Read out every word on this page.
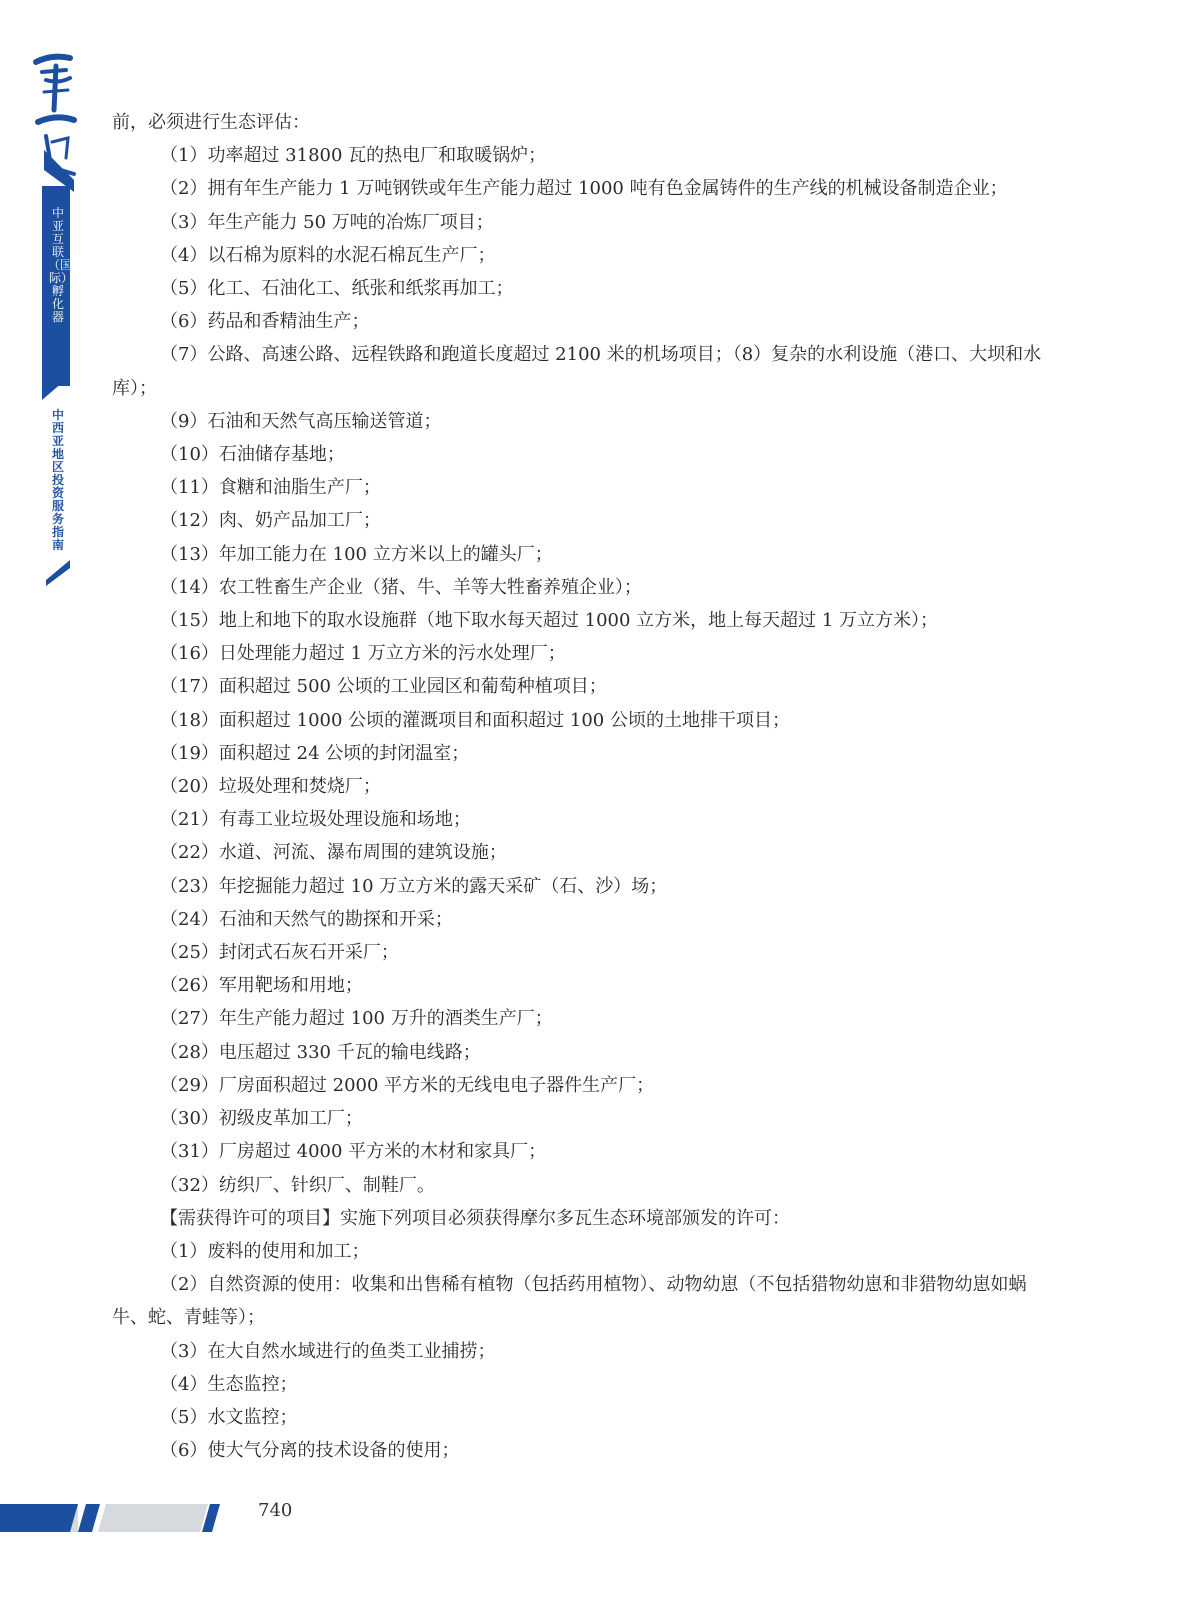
中亚互联（国际）孵化器
中西亚地区投资服务指南

前，必须进行生态评估：

（1）功率超过 31800 瓦的热电厂和取暖锅炉；

（2）拥有年生产能力 1 万吨钢铁或年生产能力超过 1000 吨有色金属铸件的生产线的机械设备制造企业；

（3）年生产能力 50 万吨的冶炼厂项目；

（4）以石棉为原料的水泥石棉瓦生产厂；

（5）化工、石油化工、纸张和纸浆再加工；

（6）药品和香精油生产；

（7）公路、高速公路、远程铁路和跑道长度超过 2100 米的机场项目；（8）复杂的水利设施（港口、大坝和水库）；

（9）石油和天然气高压输送管道；

（10）石油储存基地；

（11）食糖和油脂生产厂；

（12）肉、奶产品加工厂；

（13）年加工能力在 100 立方米以上的罐头厂；

（14）农工牲畜生产企业（猪、牛、羊等大牲畜养殖企业）；

（15）地上和地下的取水设施群（地下取水每天超过 1000 立方米，地上每天超过 1 万立方米）；

（16）日处理能力超过 1 万立方米的污水处理厂；

（17）面积超过 500 公顷的工业园区和葡萄种植项目；

（18）面积超过 1000 公顷的灌溉项目和面积超过 100 公顷的土地排干项目；

（19）面积超过 24 公顷的封闭温室；

（20）垃圾处理和焚烧厂；

（21）有毒工业垃圾处理设施和场地；

（22）水道、河流、瀑布周围的建筑设施；

（23）年挖掘能力超过 10 万立方米的露天采矿（石、沙）场；

（24）石油和天然气的勘探和开采；

（25）封闭式石灰石开采厂；

（26）军用靶场和用地；

（27）年生产能力超过 100 万升的酒类生产厂；

（28）电压超过 330 千瓦的输电线路；

（29）厂房面积超过 2000 平方米的无线电电子器件生产厂；

（30）初级皮革加工厂；

（31）厂房超过 4000 平方米的木材和家具厂；

（32）纺织厂、针织厂、制鞋厂。

【需获得许可的项目】实施下列项目必须获得摩尔多瓦生态环境部颁发的许可：

（1）废料的使用和加工；

（2）自然资源的使用：收集和出售稀有植物（包括药用植物）、动物幼崽（不包括猎物幼崽和非猎物幼崽如蜗牛、蛇、青蛙等）；

（3）在大自然水域进行的鱼类工业捕捞；

（4）生态监控；

（5）水文监控；

（6）使大气分离的技术设备的使用；

740
